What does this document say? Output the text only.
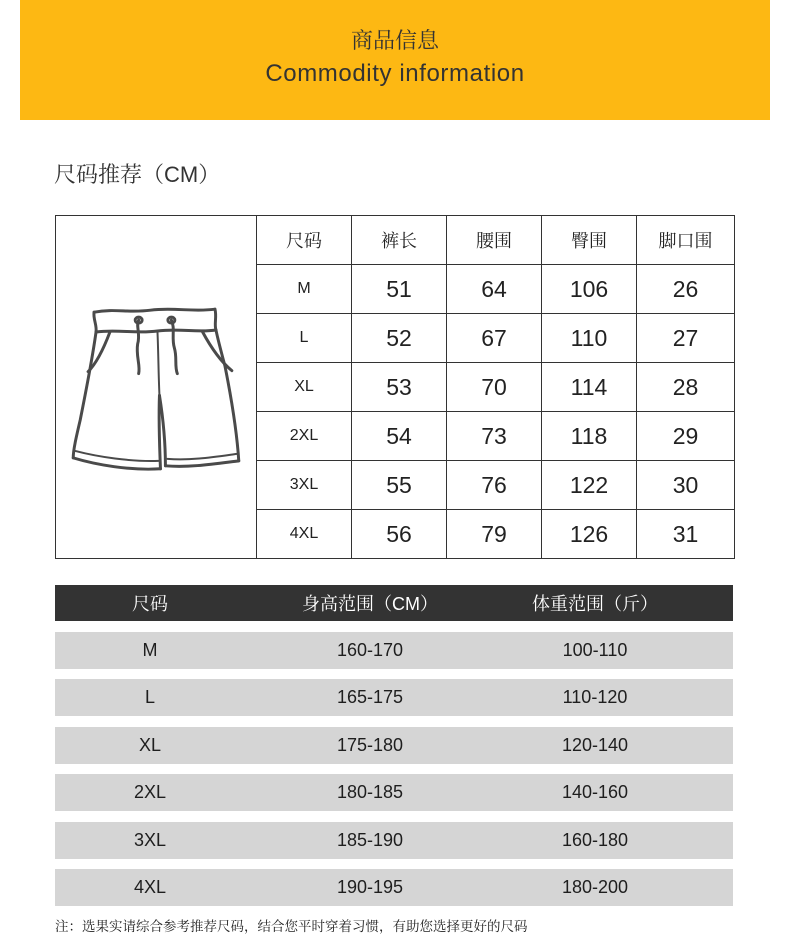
商品信息
Commodity information
尺码推荐（CM）
	尺码	裤长	腰围	臀围	脚口围
	M	51	64	106	26
	L	52	67	110	27
	XL	53	70	114	28
	2XL	54	73	118	29
	3XL	55	76	122	30
	4XL	56	79	126	31
尺码	身高范围（CM）	体重范围（斤）
M	160-170	100-110
L	165-175	110-120
XL	175-180	120-140
2XL	180-185	140-160
3XL	185-190	160-180
4XL	190-195	180-200
注：选果实请综合参考推荐尺码，结合您平时穿着习惯，有助您选择更好的尺码
